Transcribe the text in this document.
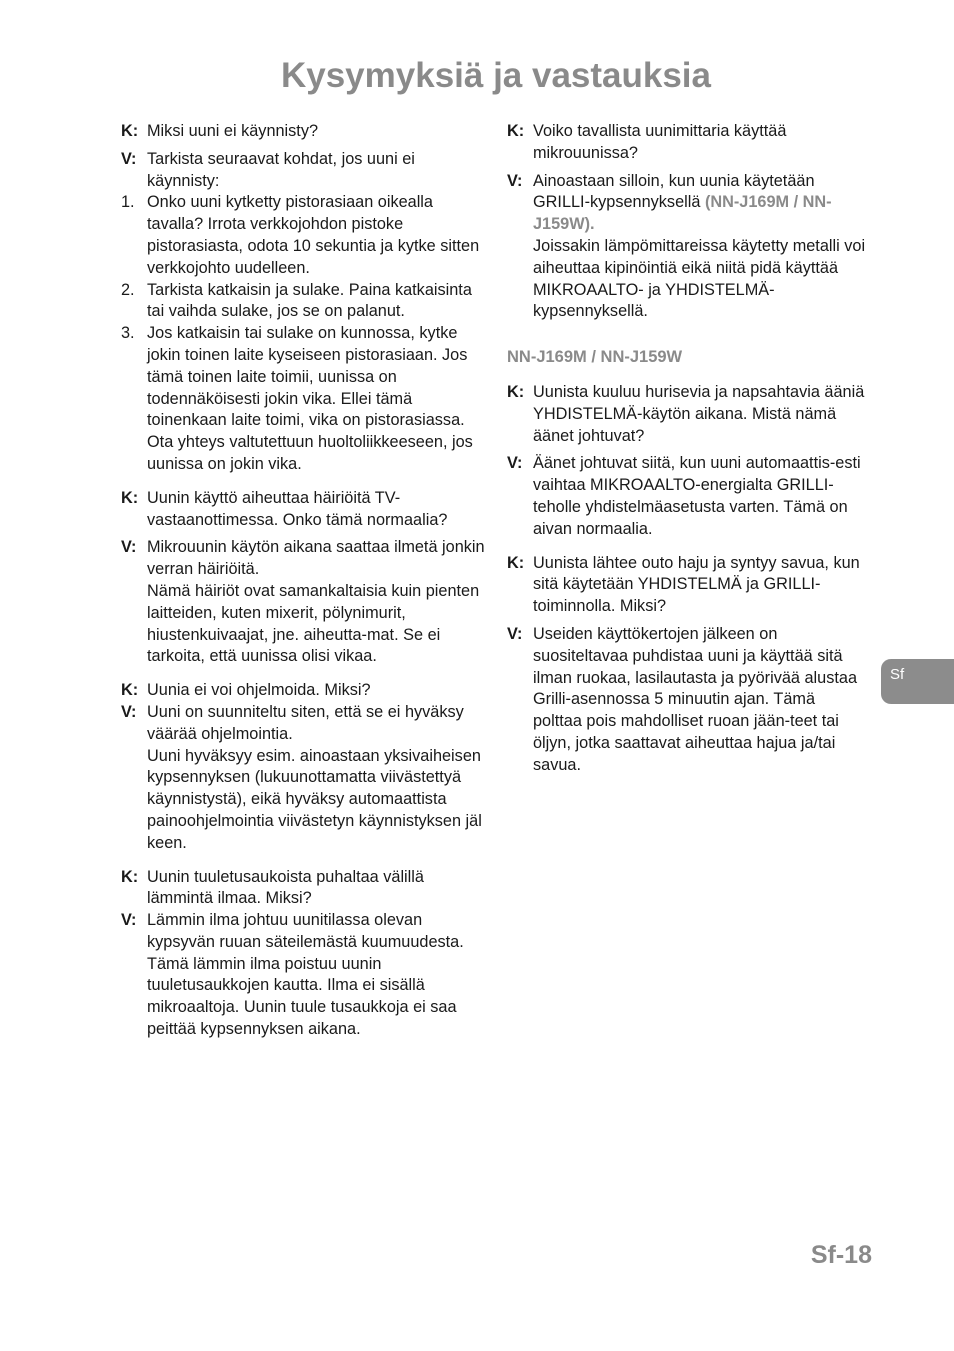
Kysymyksiä ja vastauksia
K: Miksi uuni ei käynnisty?
V: Tarkista seuraavat kohdat, jos uuni ei käynnisty:
1. Onko uuni kytketty pistorasiaan oikealla tavalla? Irrota verkkojohdon pistoke pistorasiasta, odota 10 sekuntia ja kytke sitten verkkojohto uudelleen.
2. Tarkista katkaisin ja sulake. Paina katkaisinta tai vaihda sulake, jos se on palanut.
3. Jos katkaisin tai sulake on kunnossa, kytke jokin toinen laite kyseiseen pistorasiaan. Jos tämä toinen laite toimii, uunissa on todennäköisesti jokin vika. Ellei tämä toinenkaan laite toimi, vika on pistorasiassa.
Ota yhteys valtutettuun huoltoliikkeeseen, jos uunissa on jokin vika.
K: Uunin käyttö aiheuttaa häiriöitä TV-vastaanottimessa. Onko tämä normaalia?
V: Mikrouunin käytön aikana saattaa ilmetä jonkin verran häiriöitä.
Nämä häiriöt ovat samankaltaisia kuin pienten laitteiden, kuten mixerit, pölynimurit, hiustenkuivaajat, jne. aiheutta-mat. Se ei tarkoita, että uunissa olisi vikaa.
K: Uunia ei voi ohjelmoida. Miksi?
V: Uuni on suunniteltu siten, että se ei hyväksy väärää ohjelmointia.
Uuni hyväksyy esim. ainoastaan yksivaiheisen kypsennyksen (lukuunottamatta viivästettyä käynnistystä), eikä hyväksy automaattista painoohjelmointia viivästetyn käynnistyksen jäl keen.
K: Uunin tuuletusaukoista puhaltaa välillä lämmintä ilmaa. Miksi?
V: Lämmin ilma johtuu uunitilassa olevan kypsyvän ruuan säteilemästä kuumuudesta. Tämä lämmin ilma poistuu uunin tuuletusaukkojen kautta. Ilma ei sisällä mikroaaltoja. Uunin tuule tusaukkoja ei saa peittää kypsennyksen aikana.
K: Voiko tavallista uunimittaria käyttää mikrouunissa?
V: Ainoastaan silloin, kun uunia käytetään GRILLI-kypsennyksellä (NN-J169M / NN-J159W).
Joissakin lämpömittareissa käytetty metalli voi aiheuttaa kipinöintiä eikä niitä pidä käyttää MIKROAALTO- ja YHDISTELMÄ-kypsennyksellä.
NN-J169M / NN-J159W
K: Uunista kuuluu hurisevia ja napsahtavia ääniä YHDISTELMÄ-käytön aikana. Mistä nämä äänet johtuvat?
V: Äänet johtuvat siitä, kun uuni automaattis-esti vaihtaa MIKROAALTO-energialta GRILLI- teholle yhdistelmäasetusta varten. Tämä on aivan normaalia.
K: Uunista lähtee outo haju ja syntyy savua, kun sitä käytetään YHDISTELMÄ ja GRILLI-toiminnolla. Miksi?
V: Useiden käyttökertojen jälkeen on suositeltavaa puhdistaa uuni ja käyttää sitä ilman ruokaa, lasilautasta ja pyörivää alustaa Grilli-asennossa 5 minuutin ajan. Tämä polttaa pois mahdolliset ruoan jään-teet tai öljyn, jotka saattavat aiheuttaa hajua ja/tai savua.
Sf
Sf-18
